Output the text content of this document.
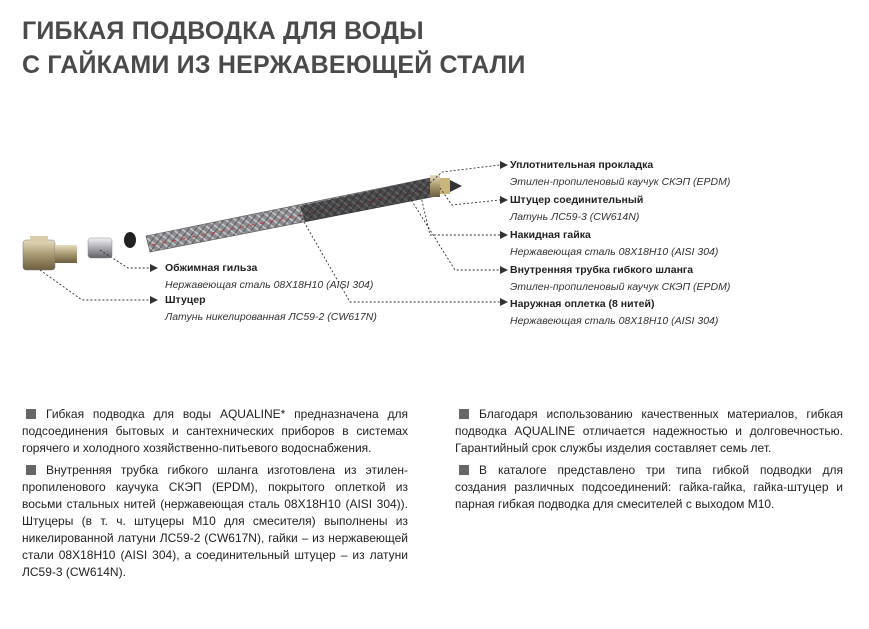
ГИБКАЯ ПОДВОДКА ДЛЯ ВОДЫ
С ГАЙКАМИ ИЗ НЕРЖАВЕЮЩЕЙ СТАЛИ
Уплотнительная прокладка
Этилен-пропиленовый каучук СКЭП (EPDM)
Штуцер соединительный
Латунь ЛС59-3 (CW614N)
Накидная гайка
Нержавеющая сталь 08Х18Н10 (AISI 304)
Внутренняя трубка гибкого шланга
Этилен-пропиленовый каучук СКЭП (EPDM)
Наружная оплетка (8 нитей)
Нержавеющая сталь 08Х18Н10 (AISI 304)
Обжимная гильза
Нержавеющая сталь 08Х18Н10 (AISI 304)
Штуцер
Латунь никелированная ЛС59-2 (CW617N)

Гибкая подводка для воды AQUALINE* предназначена для подсоединения бытовых и сантехнических приборов в системах горячего и холодного хозяйственно-питьевого водоснабжения.

Внутренняя трубка гибкого шланга изготовлена из этилен-пропиленового каучука СКЭП (EPDM), покрытого оплеткой из восьми стальных нитей (нержавеющая сталь 08Х18Н10 (AISI 304)). Штуцеры (в т. ч. штуцеры М10 для смесителя) выполнены из никелированной латуни ЛС59-2 (CW617N), гайки – из нержавеющей стали 08Х18Н10 (AISI 304), а соединительный штуцер – из латуни ЛС59-3 (CW614N).

Благодаря использованию качественных материалов, гибкая подводка AQUALINE отличается надежностью и долговечностью. Гарантийный срок службы изделия составляет семь лет.

В каталоге представлено три типа гибкой подводки для создания различных подсоединений: гайка-гайка, гайка-штуцер и парная гибкая подводка для смесителей с выходом М10.
